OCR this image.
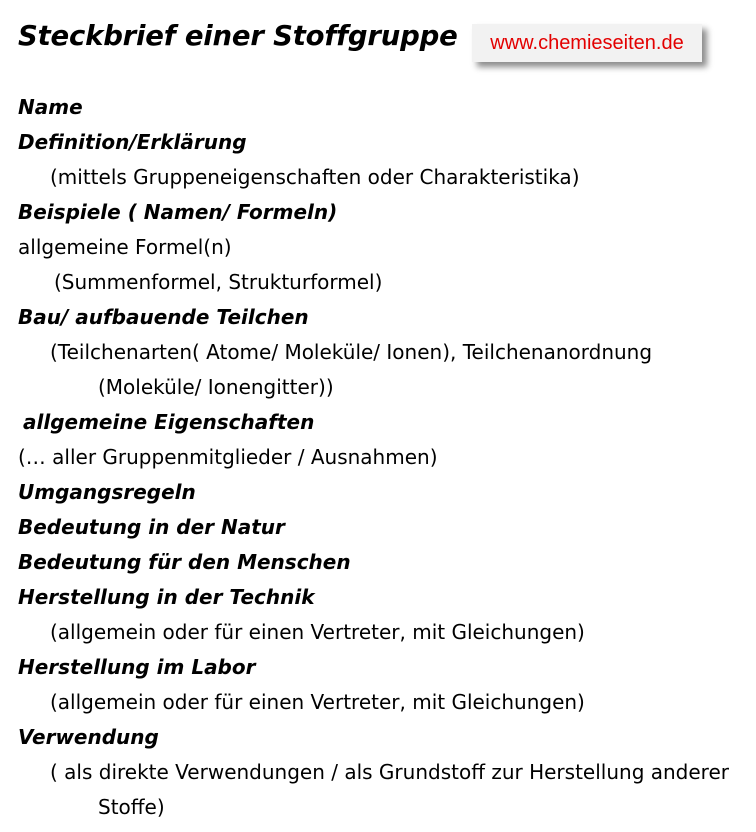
Steckbrief einer Stoffgruppe	www.chemieseiten.de
Name
Definition/Erklärung
(mittels Gruppeneigenschaften oder Charakteristika)
Beispiele ( Namen/ Formeln)
allgemeine Formel(n)
(Summenformel, Strukturformel)
Bau/ aufbauende Teilchen
(Teilchenarten( Atome/ Moleküle/ Ionen), Teilchenanordnung
(Moleküle/ Ionengitter))
allgemeine Eigenschaften
(… aller Gruppenmitglieder / Ausnahmen)
Umgangsregeln
Bedeutung in der Natur
Bedeutung für den Menschen
Herstellung in der Technik
(allgemein oder für einen Vertreter, mit Gleichungen)
Herstellung im Labor
(allgemein oder für einen Vertreter, mit Gleichungen)
Verwendung
( als direkte Verwendungen / als Grundstoff zur Herstellung anderer
Stoffe)
